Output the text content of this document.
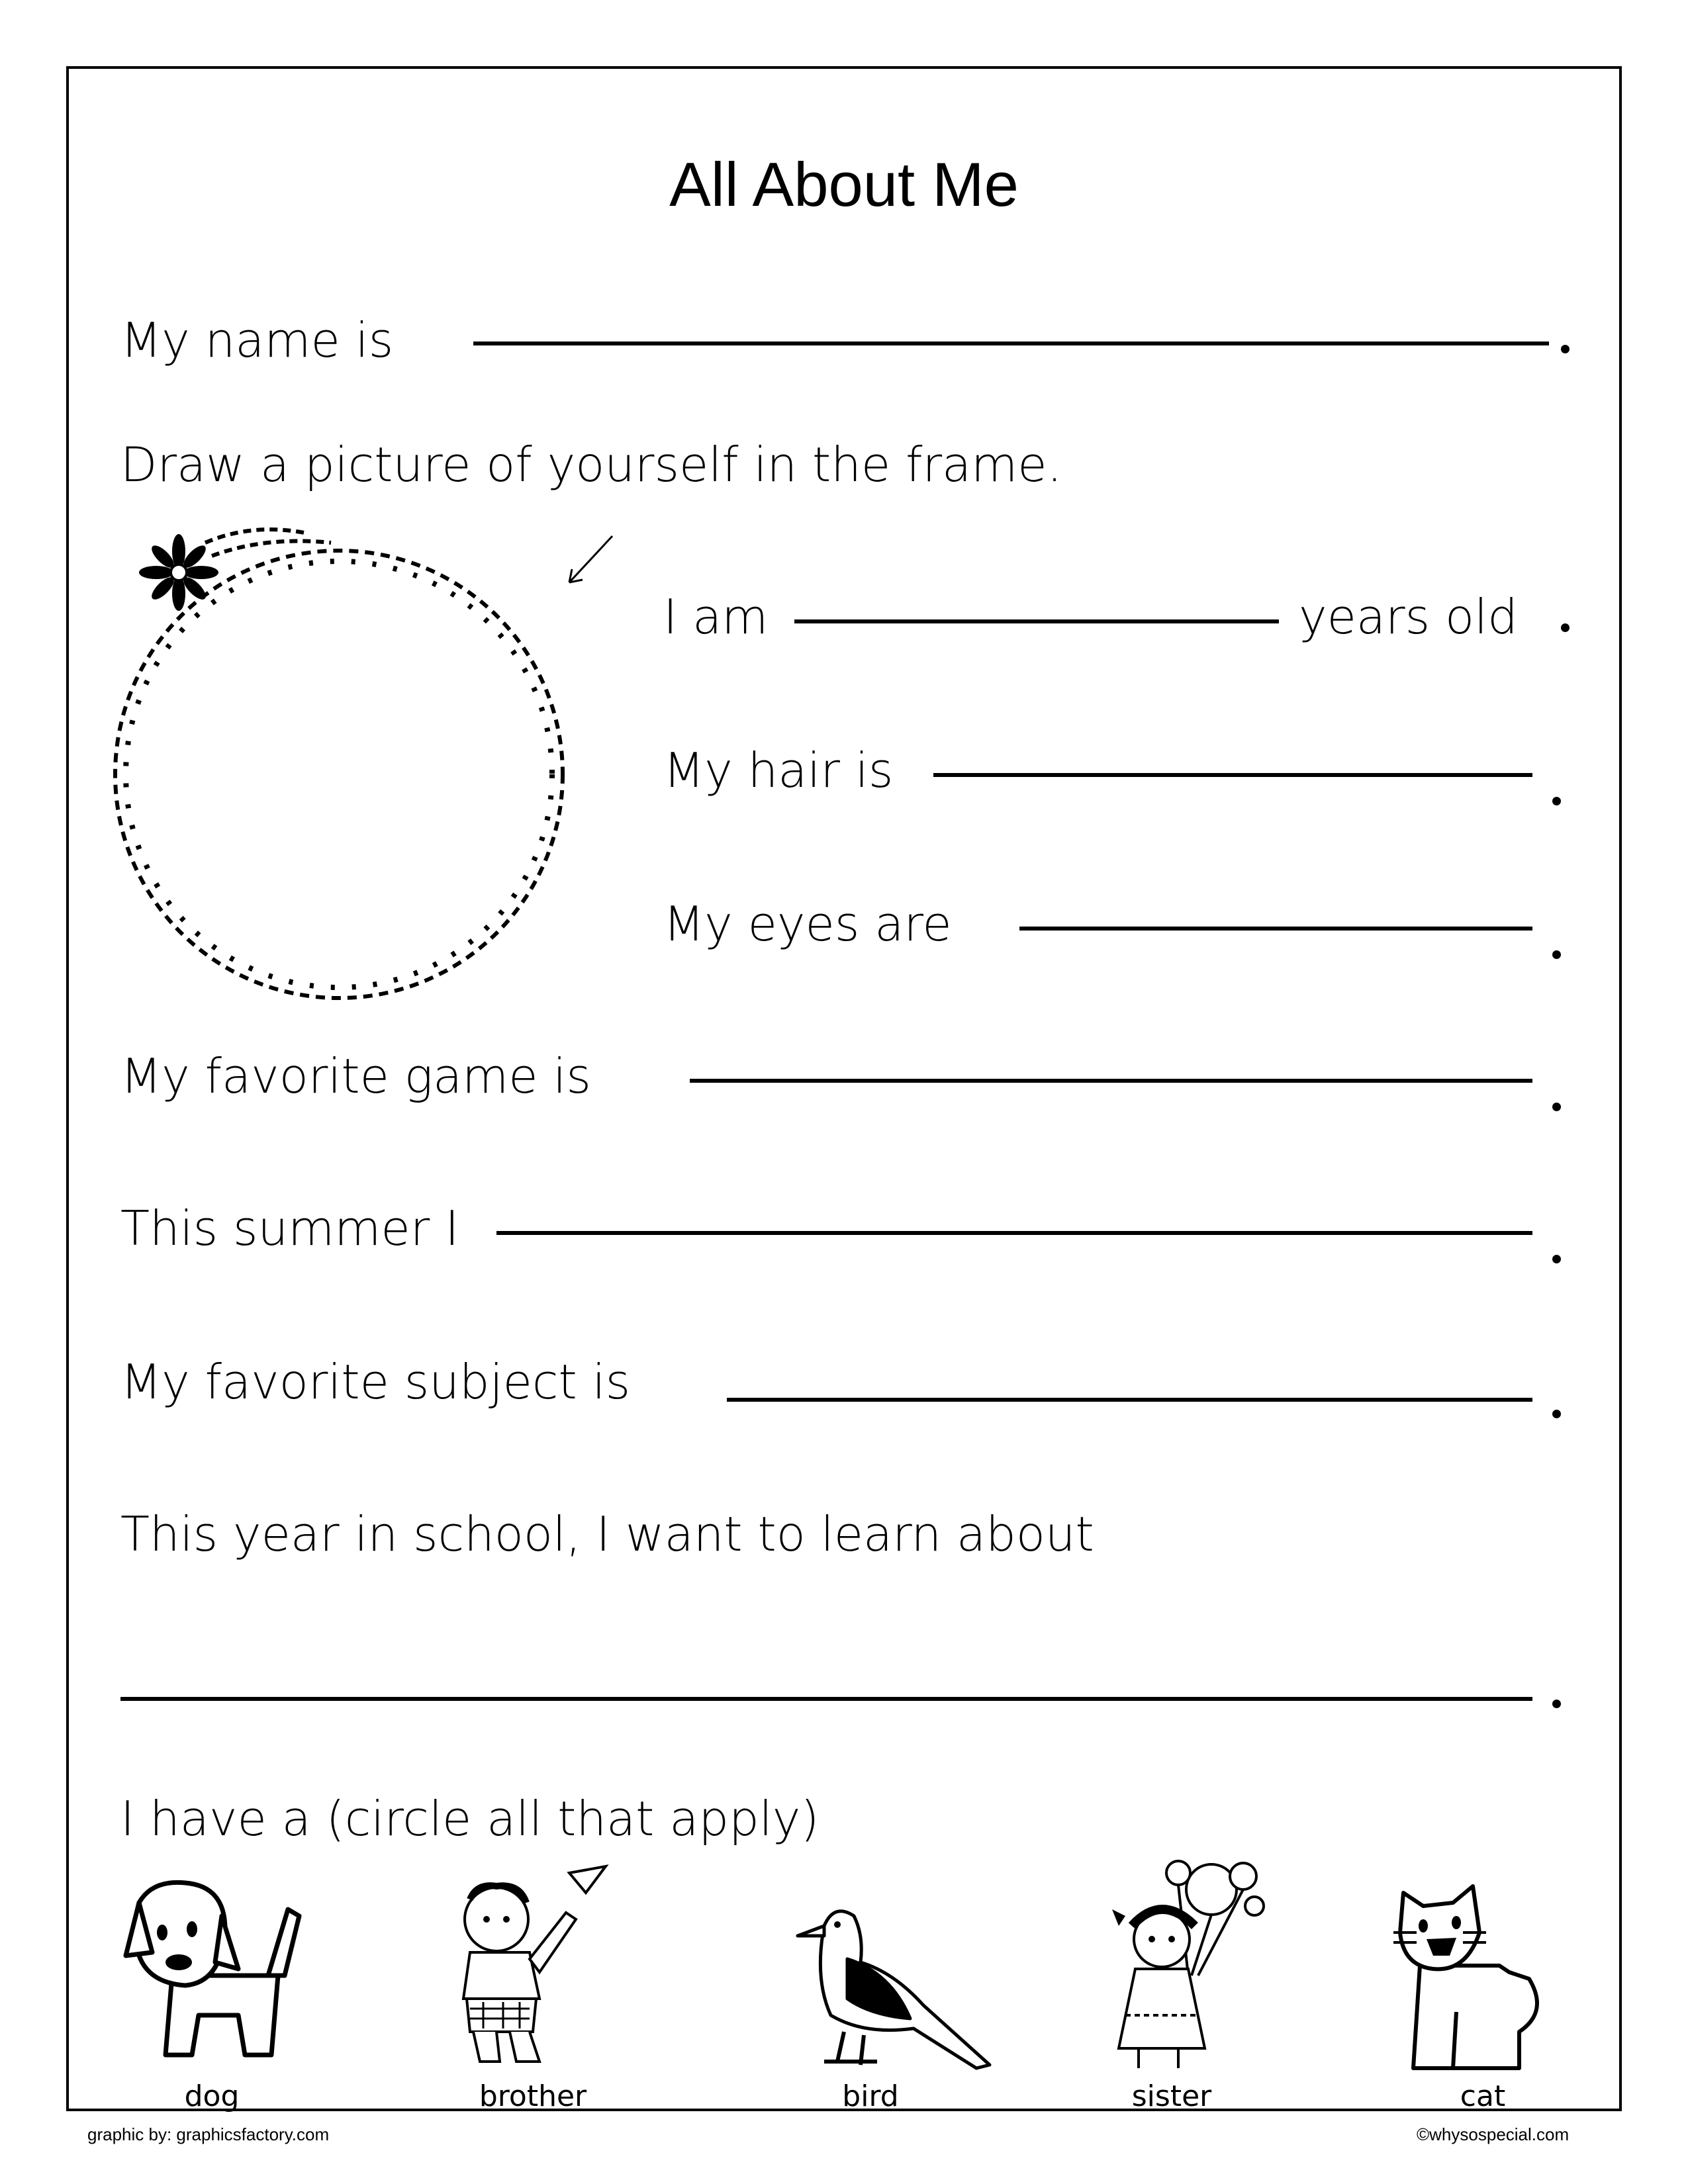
All About Me
My name is
Draw a picture of yourself in the frame.
I am	years old
My hair is
My eyes are
My favorite game is
This summer I
My favorite subject is
This year in school, I want to learn about
I have a (circle all that apply)
dog	brother	bird	sister	cat
graphic by: graphicsfactory.com	©whysospecial.com
